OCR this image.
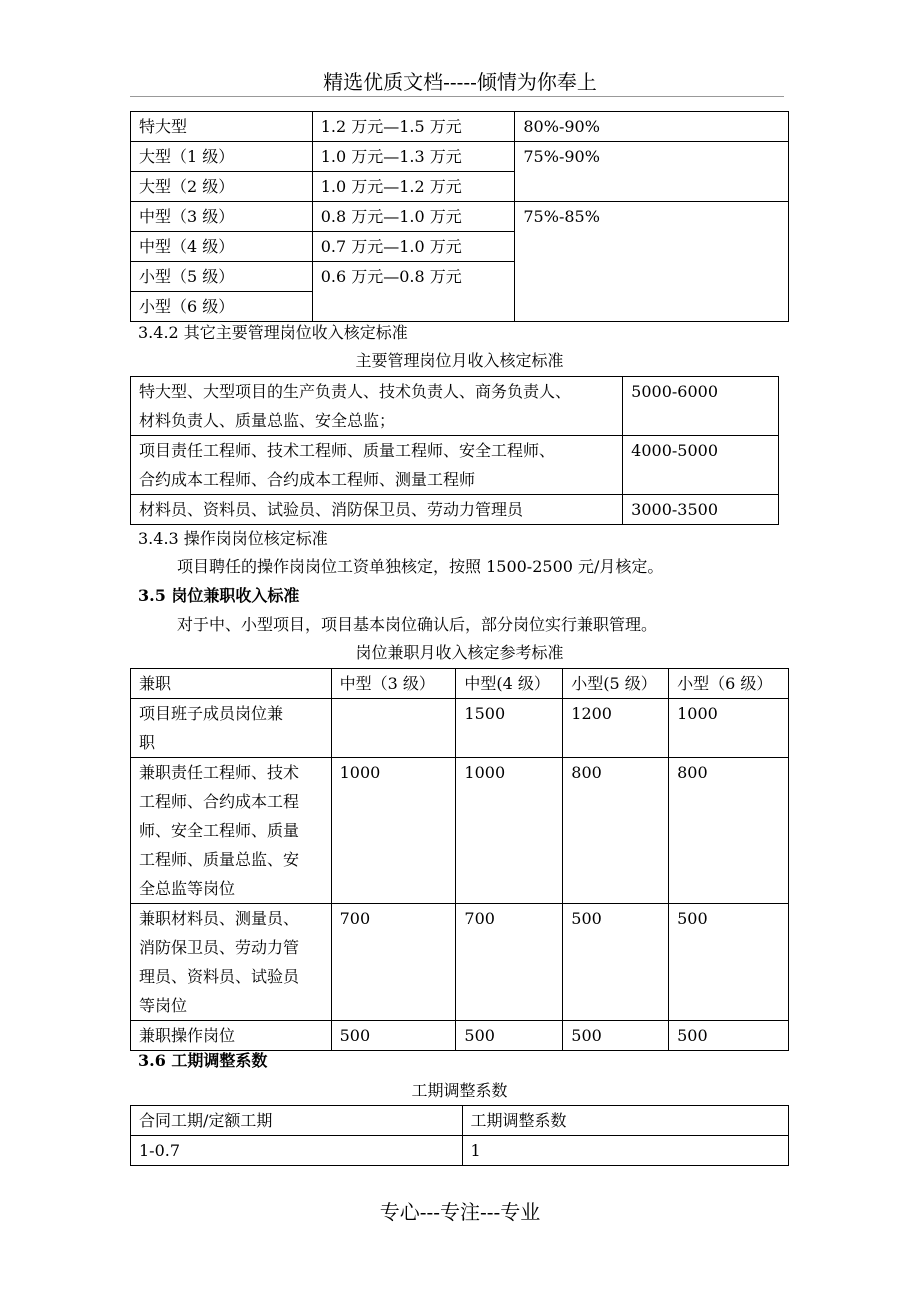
精选优质文档-----倾情为你奉上
特大型	1.2 万元—1.5 万元	80%-90%
大型（1 级）	1.0 万元—1.3 万元	75%-90%
大型（2 级）	1.0 万元—1.2 万元	
中型（3 级）	0.8 万元—1.0 万元	75%-85%
中型（4 级）	0.7 万元—1.0 万元	
小型（5 级）	0.6 万元—0.8 万元	
小型（6 级）		
3.4.2 其它主要管理岗位收入核定标准
主要管理岗位月收入核定标准
特大型、大型项目的生产负责人、技术负责人、商务负责人、
材料负责人、质量总监、安全总监；	5000-6000

项目责任工程师、技术工程师、质量工程师、安全工程师、
合约成本工程师、合约成本工程师、测量工程师	4000-5000
材料员、资料员、试验员、消防保卫员、劳动力管理员	3000-3500
3.4.3 操作岗岗位核定标准
项目聘任的操作岗岗位工资单独核定，按照 1500-2500 元/月核定。
3.5 岗位兼职收入标准
对于中、小型项目，项目基本岗位确认后，部分岗位实行兼职管理。
岗位兼职月收入核定参考标准
兼职	中型（3 级）	中型(4 级）	小型(5 级）	小型（6 级）

项目班子成员岗位兼
职		1500	1200	1000

兼职责任工程师、技术
工程师、合约成本工程
师、安全工程师、质量
工程师、质量总监、安
全总监等岗位	1000	1000	800	800

兼职材料员、测量员、
消防保卫员、劳动力管
理员、资料员、试验员
等岗位	700	700	500	500
兼职操作岗位	500	500	500	500
3.6 工期调整系数
工期调整系数
合同工期/定额工期	工期调整系数
1-0.7	1
专心---专注---专业
